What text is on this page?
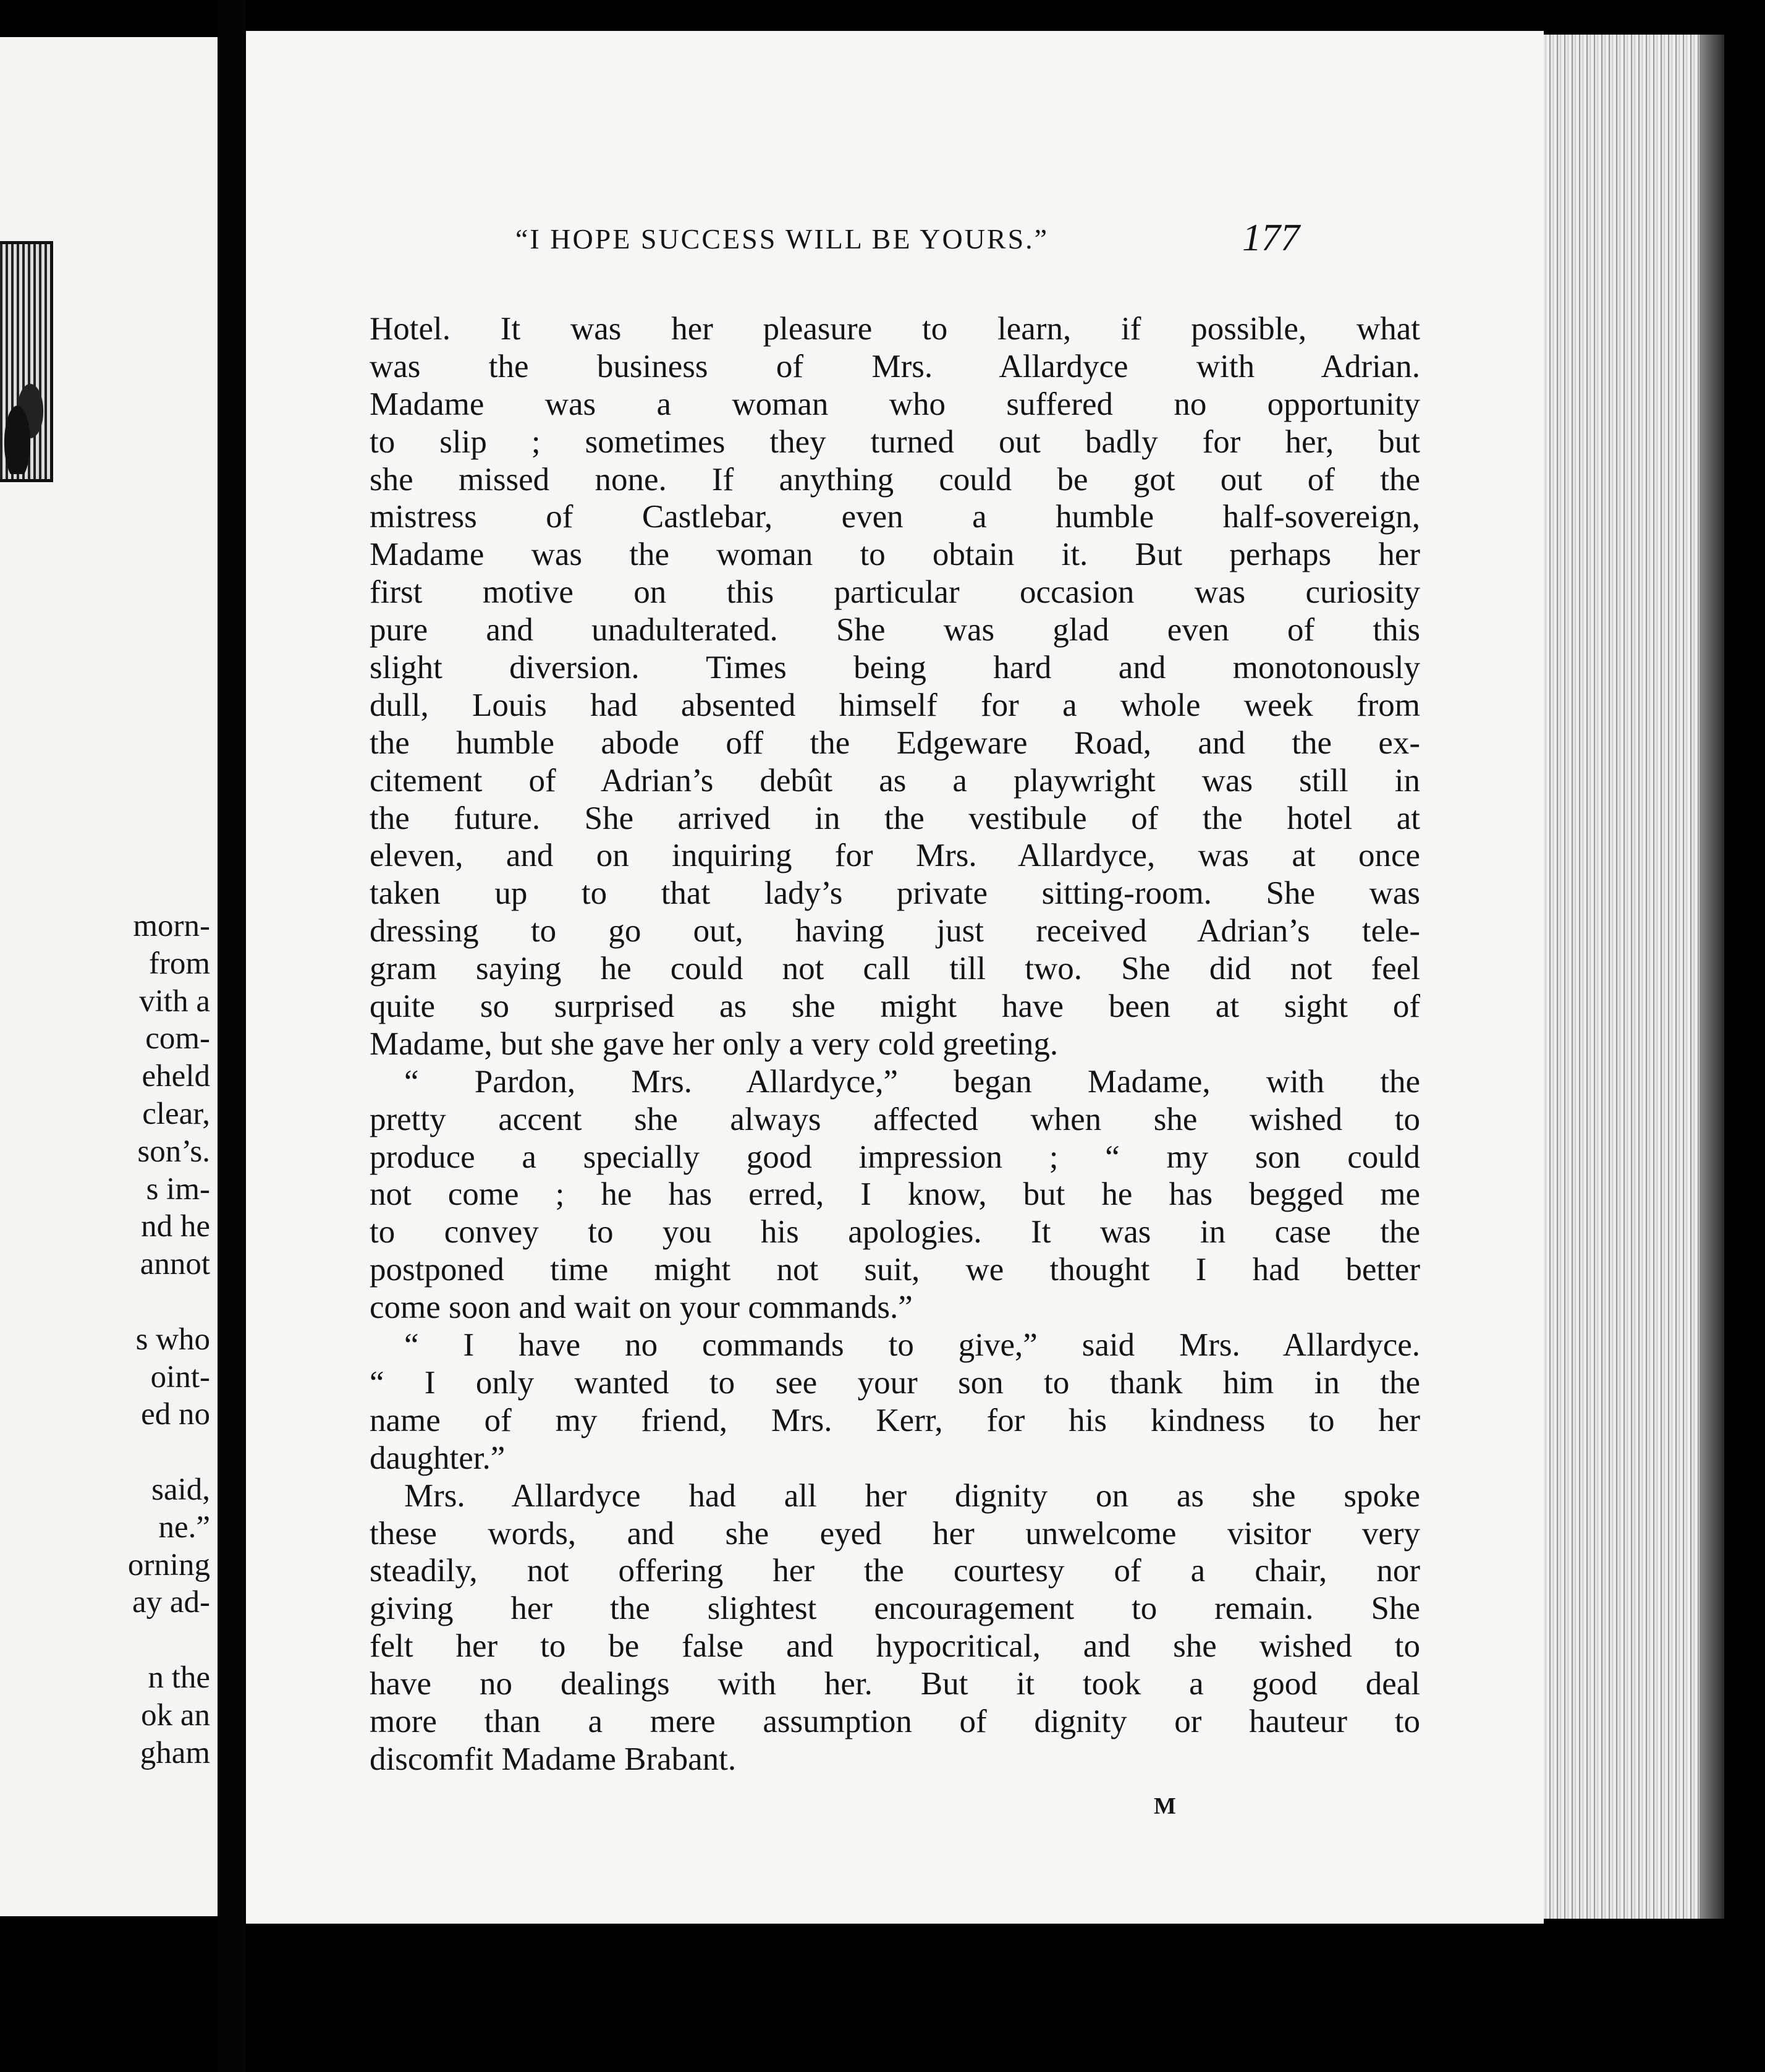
morn-
from
vith a
com-
eheld
clear,
son’s.
s im-
nd he
annot
s who
oint-
ed no
said,
ne.”
orning
ay ad-
n the
ok an
gham
Hotel. It was her pleasure to learn, if possible, what
was the business of Mrs. Allardyce with Adrian.
Madame was a woman who suffered no opportunity
to slip ; sometimes they turned out badly for her, but
she missed none. If anything could be got out of the
mistress of Castlebar, even a humble half-sovereign,
Madame was the woman to obtain it. But perhaps her
first motive on this particular occasion was curiosity
pure and unadulterated. She was glad even of this
slight diversion. Times being hard and monotonously
dull, Louis had absented himself for a whole week from
the humble abode off the Edgeware Road, and the ex-
citement of Adrian’s debût as a playwright was still in
the future. She arrived in the vestibule of the hotel at
eleven, and on inquiring for Mrs. Allardyce, was at once
taken up to that lady’s private sitting-room. She was
dressing to go out, having just received Adrian’s tele-
gram saying he could not call till two. She did not feel
quite so surprised as she might have been at sight of
Madame, but she gave her only a very cold greeting.
“ Pardon, Mrs. Allardyce,” began Madame, with the
pretty accent she always affected when she wished to
produce a specially good impression ; “ my son could
not come ; he has erred, I know, but he has begged me
to convey to you his apologies. It was in case the
postponed time might not suit, we thought I had better
come soon and wait on your commands.”
“ I have no commands to give,” said Mrs. Allardyce.
“ I only wanted to see your son to thank him in the
name of my friend, Mrs. Kerr, for his kindness to her
daughter.”
Mrs. Allardyce had all her dignity on as she spoke
these words, and she eyed her unwelcome visitor very
steadily, not offering her the courtesy of a chair, nor
giving her the slightest encouragement to remain. She
felt her to be false and hypocritical, and she wished to
have no dealings with her. But it took a good deal
more than a mere assumption of dignity or hauteur to
discomfit Madame Brabant.
“I HOPE SUCCESS WILL BE YOURS.”	177
M
